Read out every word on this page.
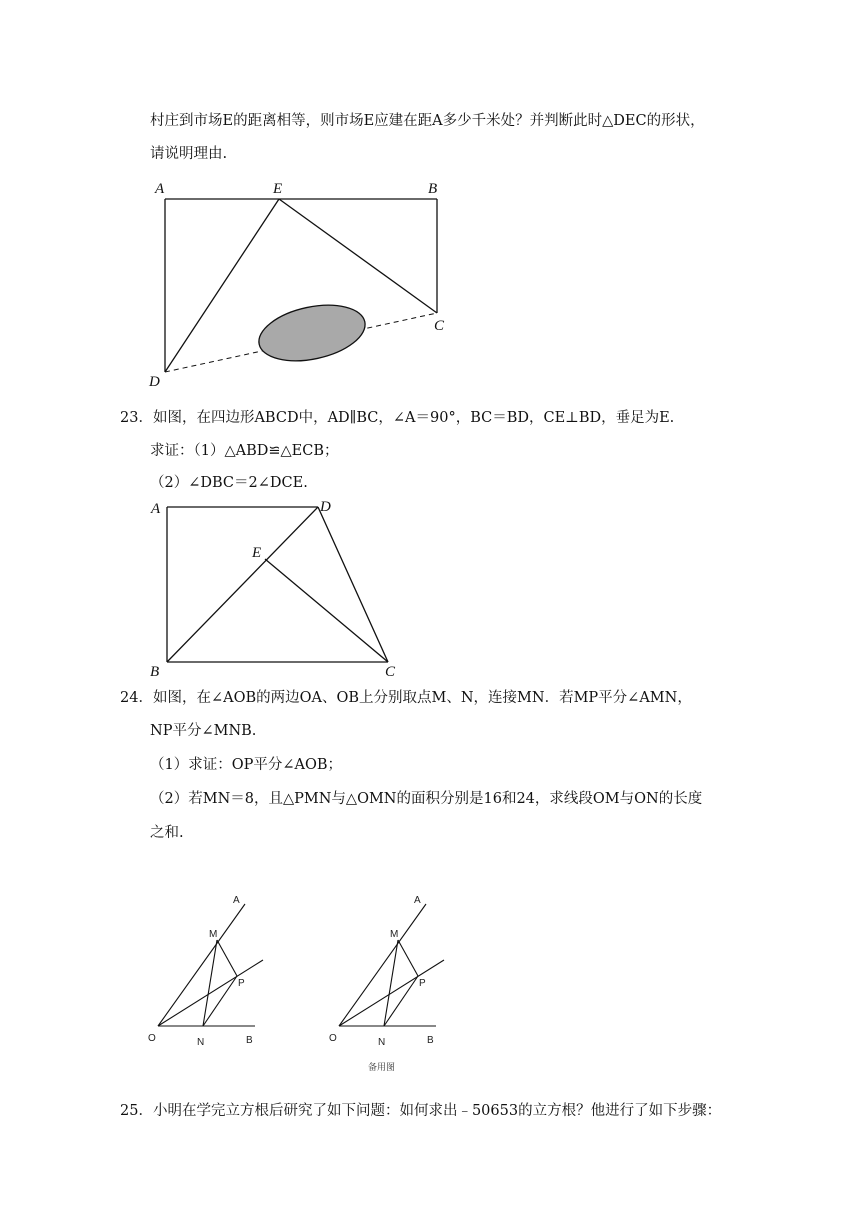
村庄到市场E的距离相等，则市场E应建在距A多少千米处？并判断此时△DEC的形状，
请说明理由.
A	E	B
C
D
23．如图，在四边形ABCD中，AD∥BC，∠A＝90°，BC＝BD，CE⊥BD，垂足为E.
求证：（1）△ABD≌△ECB；
（2）∠DBC＝2∠DCE.
A	D
E
B	C
24．如图，在∠AOB的两边OA、OB上分别取点M、N，连接MN．若MP平分∠AMN，
NP平分∠MNB.
（1）求证：OP平分∠AOB；
（2）若MN＝8，且△PMN与△OMN的面积分别是16和24，求线段OM与ON的长度
之和.
A
M
P
O	N	B
A
M
P
O	N	B
备用图
25．小明在学完立方根后研究了如下问题：如何求出﹣50653的立方根？他进行了如下步骤：
